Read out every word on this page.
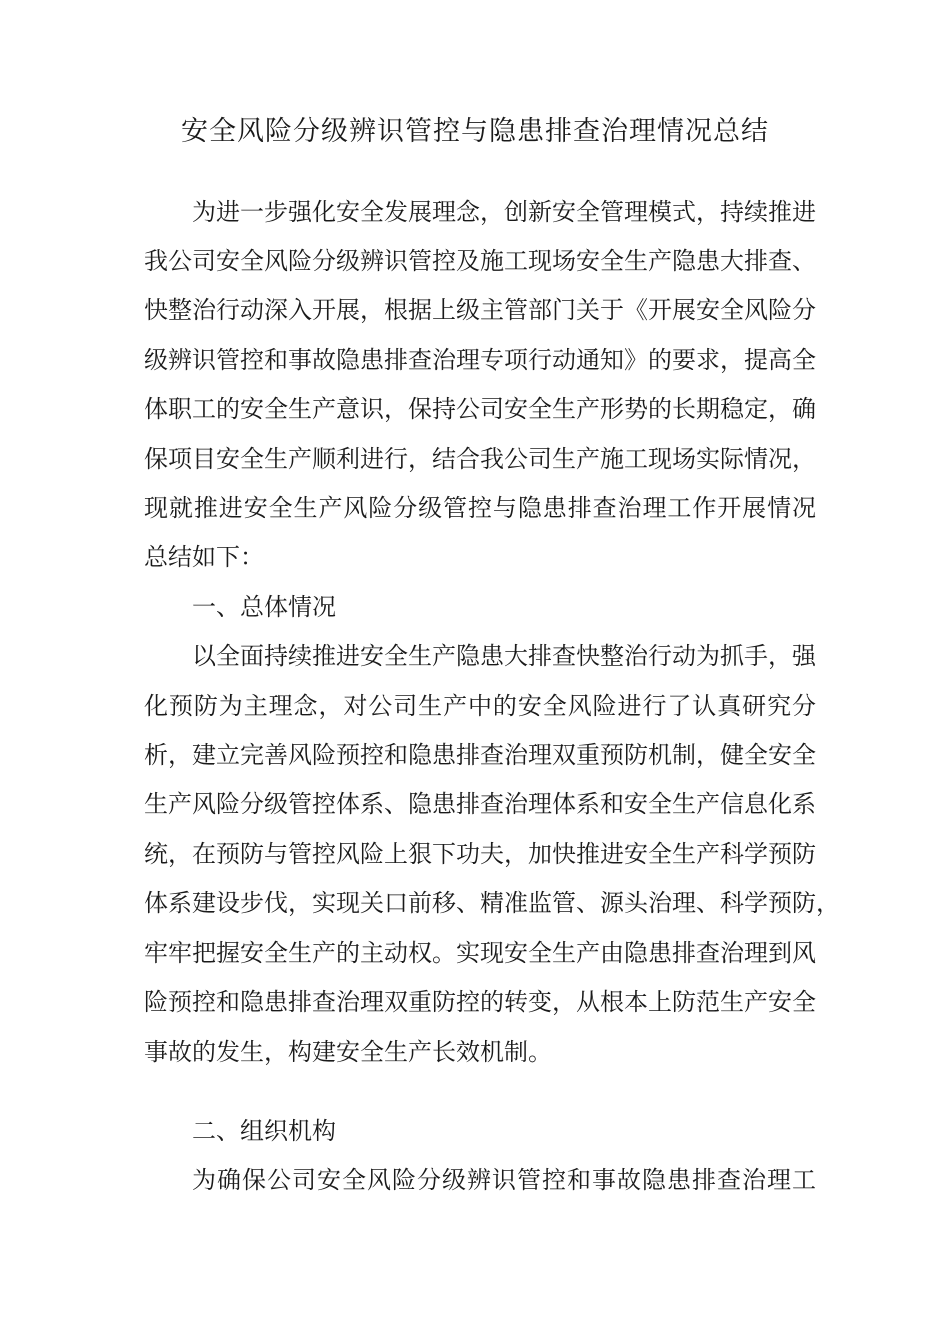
安全风险分级辨识管控与隐患排查治理情况总结
为进一步强化安全发展理念，创新安全管理模式，持续推进
我公司安全风险分级辨识管控及施工现场安全生产隐患大排查、
快整治行动深入开展，根据上级主管部门关于《开展安全风险分
级辨识管控和事故隐患排查治理专项行动通知》的要求，提高全
体职工的安全生产意识，保持公司安全生产形势的长期稳定，确
保项目安全生产顺利进行，结合我公司生产施工现场实际情况，
现就推进安全生产风险分级管控与隐患排查治理工作开展情况
总结如下：
一、总体情况
以全面持续推进安全生产隐患大排查快整治行动为抓手，强
化预防为主理念，对公司生产中的安全风险进行了认真研究分
析，建立完善风险预控和隐患排查治理双重预防机制，健全安全
生产风险分级管控体系、隐患排查治理体系和安全生产信息化系
统，在预防与管控风险上狠下功夫，加快推进安全生产科学预防
体系建设步伐，实现关口前移、精准监管、源头治理、科学预防，
牢牢把握安全生产的主动权。实现安全生产由隐患排查治理到风
险预控和隐患排查治理双重防控的转变，从根本上防范生产安全
事故的发生，构建安全生产长效机制。
二、组织机构
为确保公司安全风险分级辨识管控和事故隐患排查治理工
